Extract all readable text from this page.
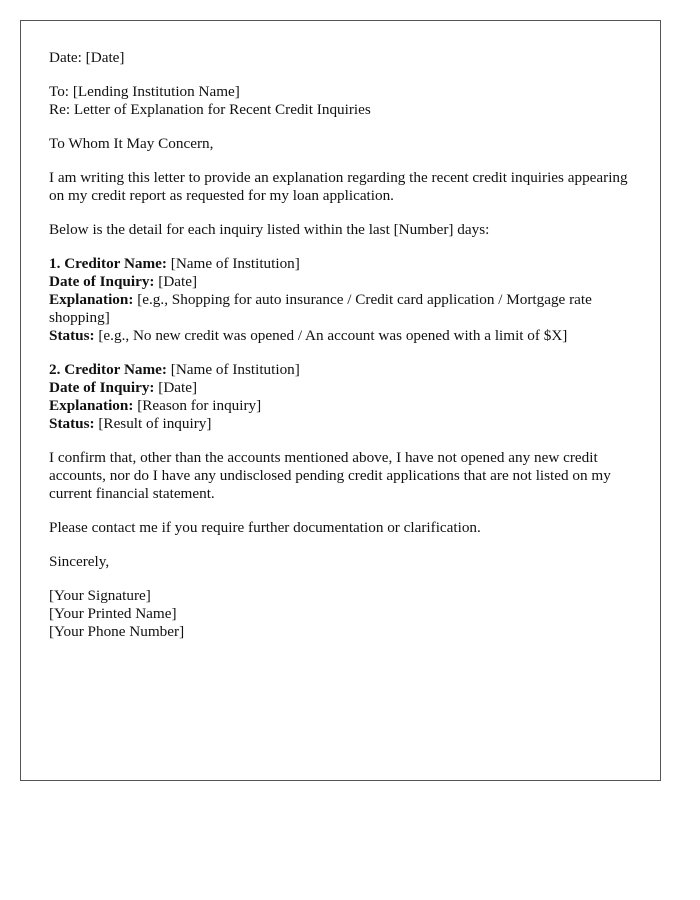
Date: [Date]

To: [Lending Institution Name]
Re: Letter of Explanation for Recent Credit Inquiries

To Whom It May Concern,

I am writing this letter to provide an explanation regarding the recent credit inquiries appearing on my credit report as requested for my loan application.

Below is the detail for each inquiry listed within the last [Number] days:

1. Creditor Name: [Name of Institution]
Date of Inquiry: [Date]
Explanation: [e.g., Shopping for auto insurance / Credit card application / Mortgage rate shopping]
Status: [e.g., No new credit was opened / An account was opened with a limit of $X]

2. Creditor Name: [Name of Institution]
Date of Inquiry: [Date]
Explanation: [Reason for inquiry]
Status: [Result of inquiry]

I confirm that, other than the accounts mentioned above, I have not opened any new credit accounts, nor do I have any undisclosed pending credit applications that are not listed on my current financial statement.

Please contact me if you require further documentation or clarification.

Sincerely,

[Your Signature]
[Your Printed Name]
[Your Phone Number]
